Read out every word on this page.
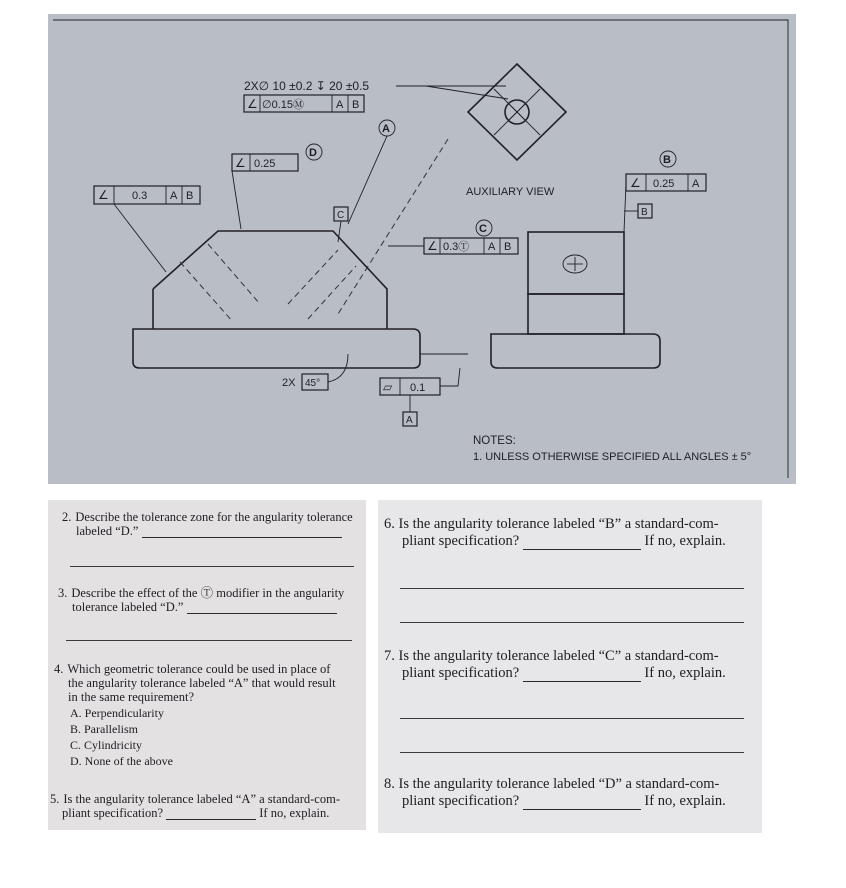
2X∅ 10 ±0.2 ↧ 20 ±0.5
∠ ∅0.15Ⓜ	A B
A
D
∠ 0.25
∠ 0.3 A B
C
AUXILIARY VIEW
C
∠ 0.3Ⓣ A B
B
∠ 0.25 A
B
2X 45°	▱ 0.1
A
NOTES:
1. UNLESS OTHERWISE SPECIFIED ALL ANGLES ± 5°
2. Describe the tolerance zone for the angularity tolerance
labeled “D.”
3. Describe the effect of the Ⓣ modifier in the angularity
tolerance labeled “D.”
4. Which geometric tolerance could be used in place of
the angularity tolerance labeled “A” that would result
in the same requirement?
A. Perpendicularity
B. Parallelism
C. Cylindricity
D. None of the above
5. Is the angularity tolerance labeled “A” a standard-com-
pliant specification?	If no, explain.
6. Is the angularity tolerance labeled “B” a standard-com-
pliant specification?	If no, explain.
7. Is the angularity tolerance labeled “C” a standard-com-
pliant specification?	If no, explain.
8. Is the angularity tolerance labeled “D” a standard-com-
pliant specification?	If no, explain.
